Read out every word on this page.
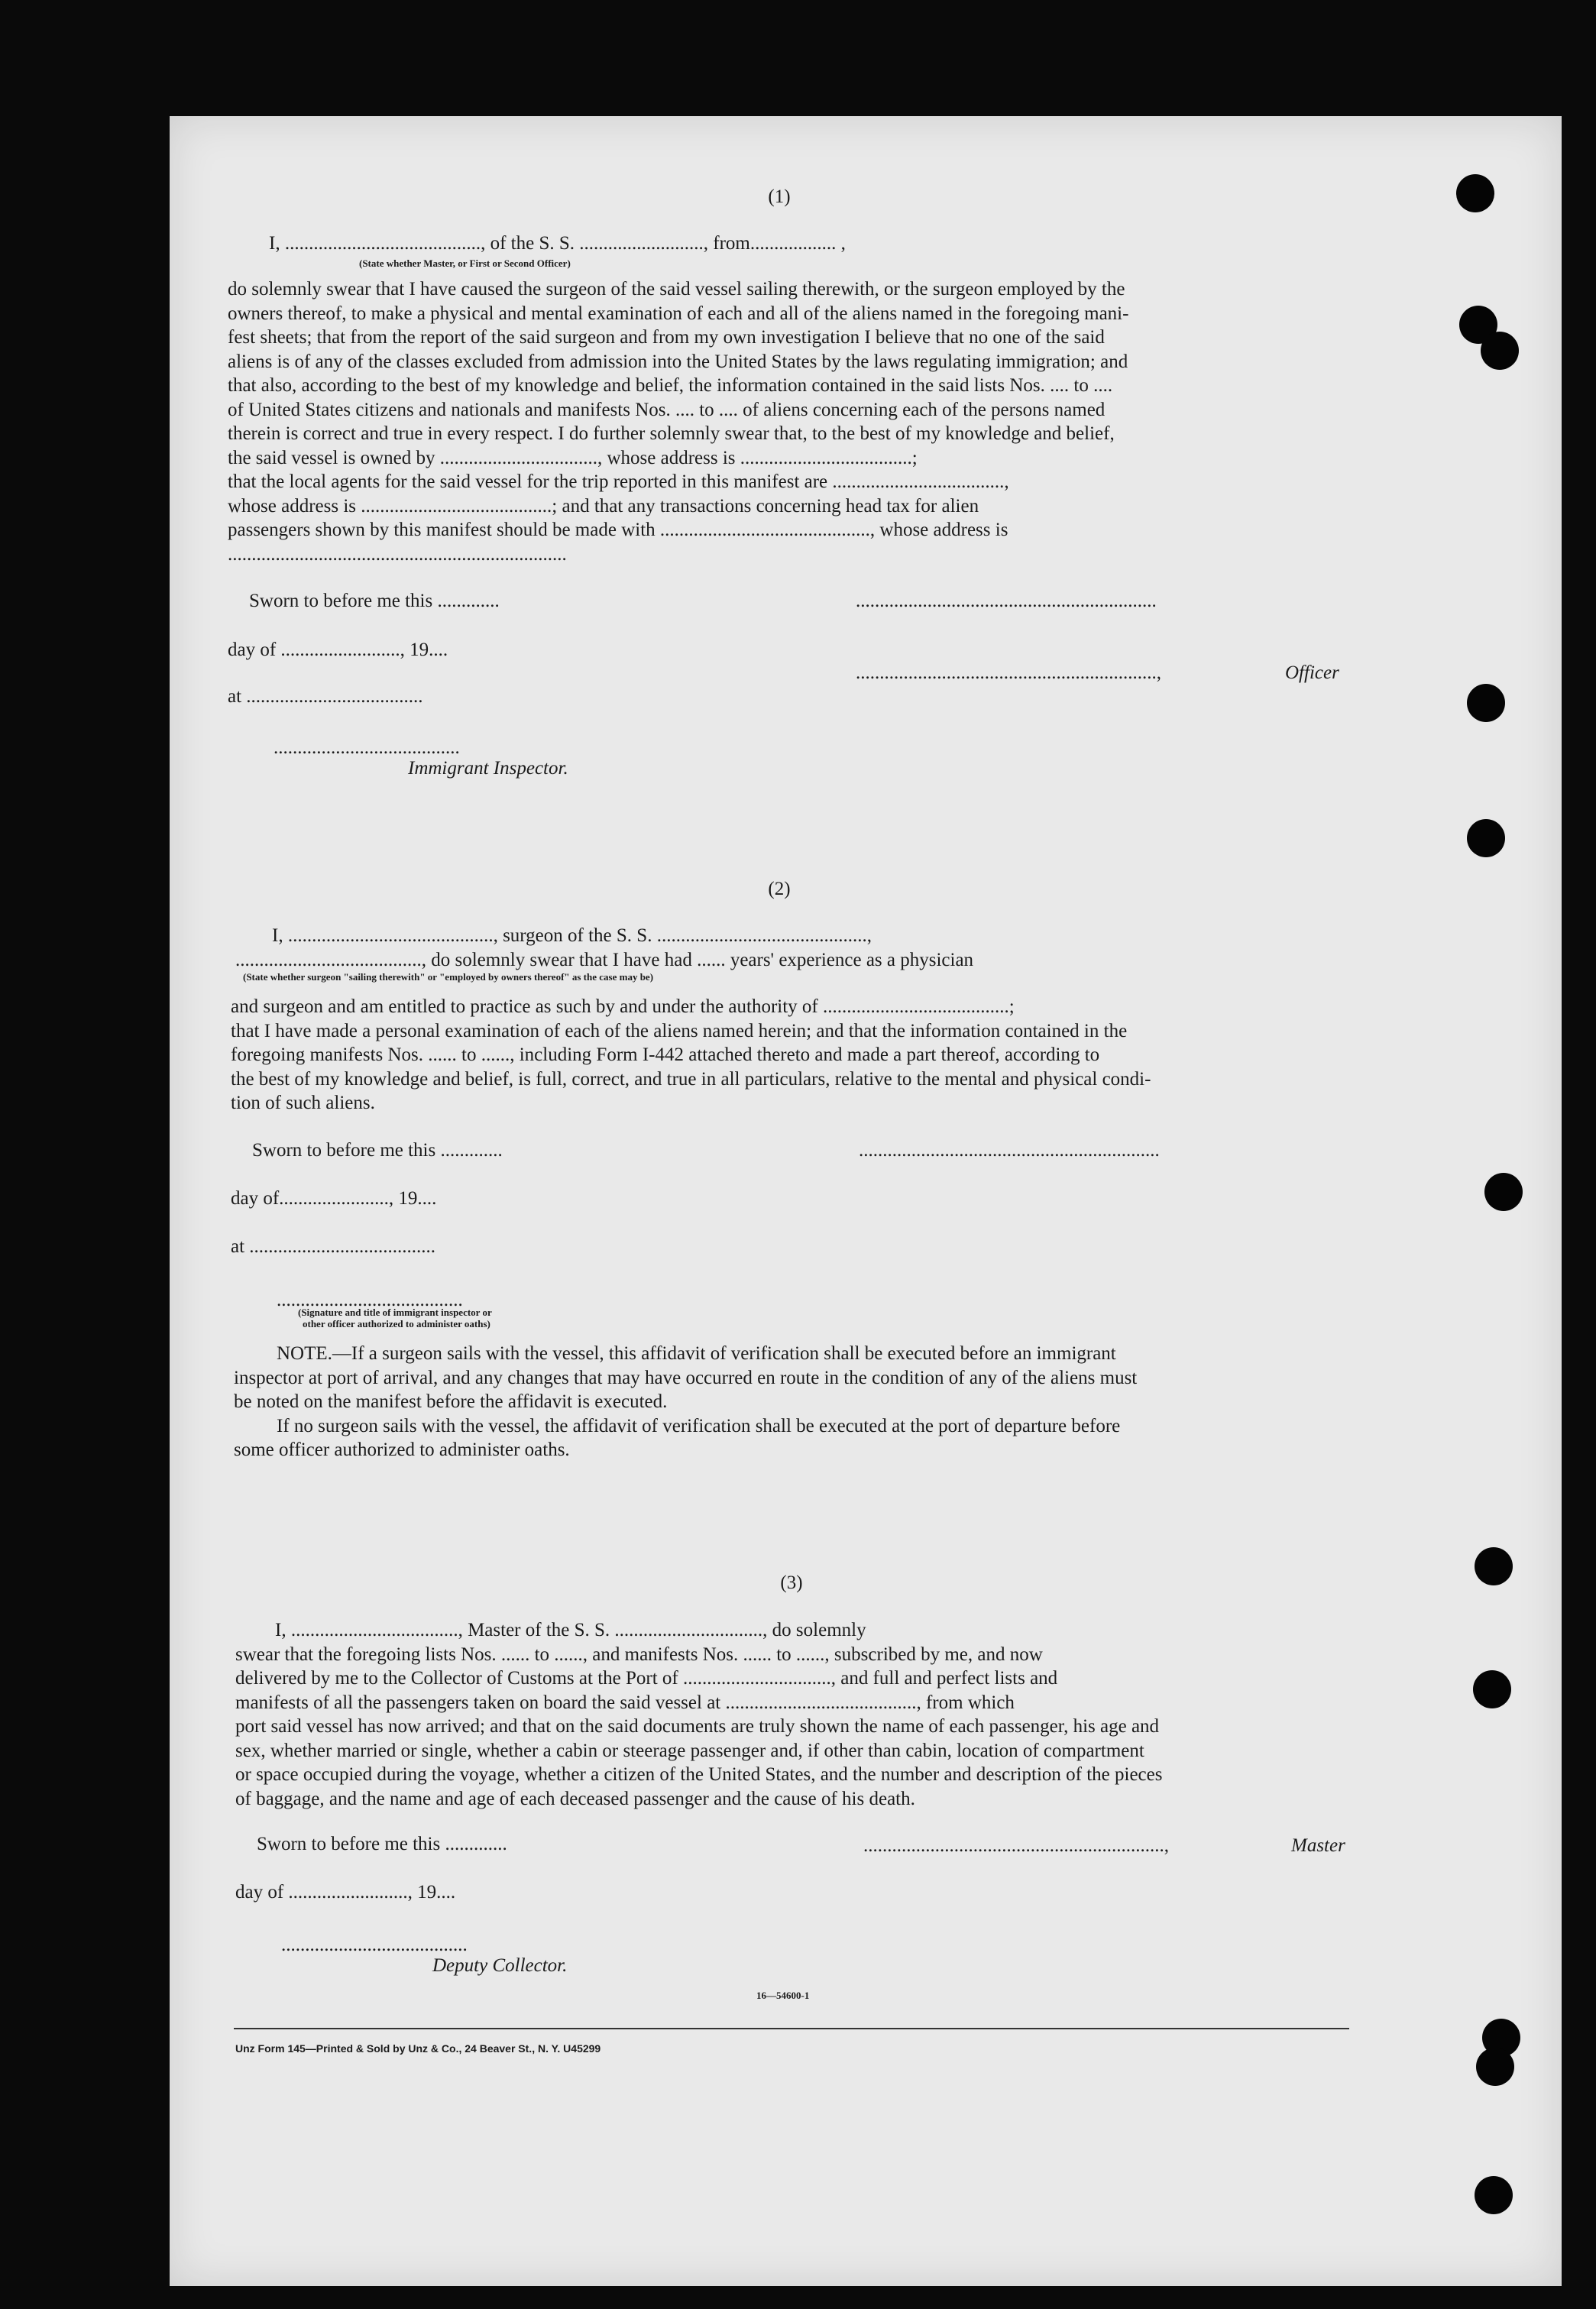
(1)
I, ........................................., of the S. S. .........................., from.................. ,
(State whether Master, or First or Second Officer)
do solemnly swear that I have caused the surgeon of the said vessel sailing therewith, or the surgeon employed by the
owners thereof, to make a physical and mental examination of each and all of the aliens named in the foregoing mani-
fest sheets; that from the report of the said surgeon and from my own investigation I believe that no one of the said
aliens is of any of the classes excluded from admission into the United States by the laws regulating immigration; and
that also, according to the best of my knowledge and belief, the information contained in the said lists Nos. .... to ....
of United States citizens and nationals and manifests Nos. .... to .... of aliens concerning each of the persons named
therein is correct and true in every respect. I do further solemnly swear that, to the best of my knowledge and belief,
the said vessel is owned by ................................., whose address is ....................................;
that the local agents for the said vessel for the trip reported in this manifest are ....................................,
whose address is ........................................; and that any transactions concerning head tax for alien
passengers shown by this manifest should be made with ............................................, whose address is
.......................................................................
Sworn to before me this .............
day of ........................., 19....
at .....................................
.......................................
Immigrant Inspector.
...............................................................
...............................................................,	Officer
(2)
I, ..........................................., surgeon of the S. S. ............................................,
......................................., do solemnly swear that I have had ...... years' experience as a physician
(State whether surgeon "sailing therewith" or "employed by owners thereof" as the case may be)
and surgeon and am entitled to practice as such by and under the authority of .......................................;
that I have made a personal examination of each of the aliens named herein; and that the information contained in the
foregoing manifests Nos. ...... to ......, including Form I-442 attached thereto and made a part thereof, according to
the best of my knowledge and belief, is full, correct, and true in all particulars, relative to the mental and physical condi-
tion of such aliens.
Sworn to before me this .............
day of......................., 19....
at .......................................
.......................................
(Signature and title of immigrant inspector or
other officer authorized to administer oaths)
...............................................................
NOTE.—If a surgeon sails with the vessel, this affidavit of verification shall be executed before an immigrant
inspector at port of arrival, and any changes that may have occurred en route in the condition of any of the aliens must
be noted on the manifest before the affidavit is executed.
If no surgeon sails with the vessel, the affidavit of verification shall be executed at the port of departure before
some officer authorized to administer oaths.
(3)
I, ..................................., Master of the S. S. ..............................., do solemnly
swear that the foregoing lists Nos. ...... to ......, and manifests Nos. ...... to ......, subscribed by me, and now
delivered by me to the Collector of Customs at the Port of ..............................., and full and perfect lists and
manifests of all the passengers taken on board the said vessel at ........................................, from which
port said vessel has now arrived; and that on the said documents are truly shown the name of each passenger, his age and
sex, whether married or single, whether a cabin or steerage passenger and, if other than cabin, location of compartment
or space occupied during the voyage, whether a citizen of the United States, and the number and description of the pieces
of baggage, and the name and age of each deceased passenger and the cause of his death.
Sworn to before me this .............
day of ........................., 19....
.......................................
Deputy Collector.
...............................................................,	Master
16—54600-1
Unz Form 145—Printed & Sold by Unz & Co., 24 Beaver St., N. Y. U45299
